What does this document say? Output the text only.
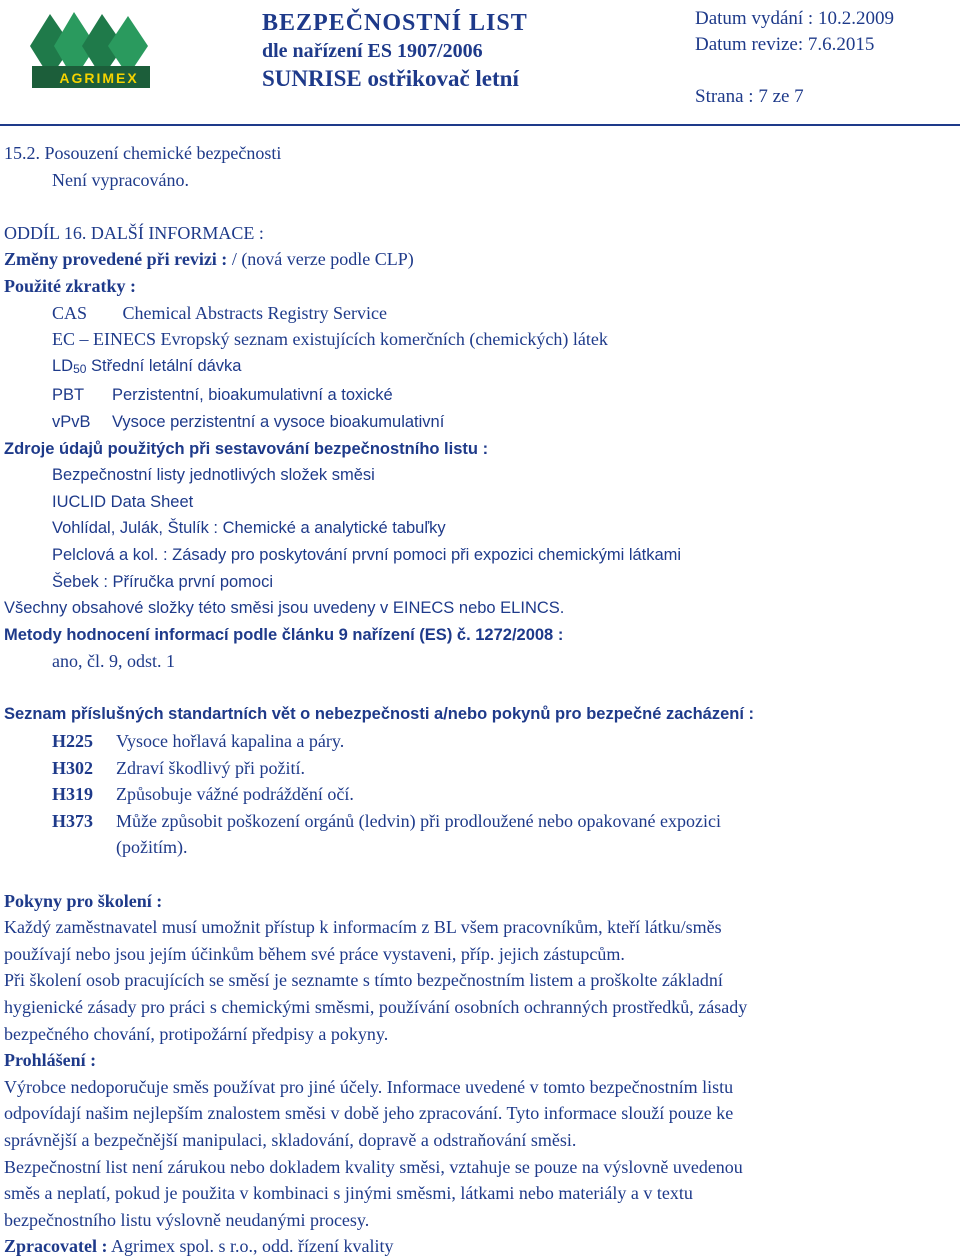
AGRIMEX
BEZPEČNOSTNÍ LIST
dle nařízení ES 1907/2006
SUNRISE ostřikovač letní
Datum vydání : 10.2.2009
Datum revize: 7.6.2015
Strana : 7 ze 7
15.2. Posouzení chemické bezpečnosti
Není vypracováno.
ODDÍL 16. DALŠÍ INFORMACE :
Změny provedené při revizi : / (nová verze podle CLP)
Použité zkratky :
CAS Chemical Abstracts Registry Service
EC – EINECS Evropský seznam existujících komerčních (chemických) látek
$LD_{50}$ Střední letální dávka
PBT Perzistentní, bioakumulativní a toxické
vPvB Vysoce perzistentní a vysoce bioakumulativní
Zdroje údajů použitých při sestavování bezpečnostního listu :
Bezpečnostní listy jednotlivých složek směsi
IUCLID Data Sheet
Vohlídal, Julák, Štulík : Chemické a analytické tabuľky
Pelclová a kol. : Zásady pro poskytování první pomoci při expozici chemickými látkami
Šebek : Příručka první pomoci
Všechny obsahové složky této směsi jsou uvedeny v EINECS nebo ELINCS.
Metody hodnocení informací podle článku 9 nařízení (ES) č. 1272/2008 :
ano, čl. 9, odst. 1
Seznam příslušných standartních vět o nebezpečnosti a/nebo pokynů pro bezpečné zacházení :
H225 Vysoce hořlavá kapalina a páry.
H302 Zdraví škodlivý při požití.
H319 Způsobuje vážné podráždění očí.
H373 Může způsobit poškození orgánů (ledvin) při prodloužené nebo opakované expozici
(požitím).
Pokyny pro školení :
Každý zaměstnavatel musí umožnit přístup k informacím z BL všem pracovníkům, kteří látku/směs
používají nebo jsou jejím účinkům během své práce vystaveni, příp. jejich zástupcům.
Při školení osob pracujících se směsí je seznamte s tímto bezpečnostním listem a proškolte základní
hygienické zásady pro práci s chemickými směsmi, používání osobních ochranných prostředků, zásady
bezpečného chování, protipožární předpisy a pokyny.
Prohlášení :
Výrobce nedoporučuje směs používat pro jiné účely. Informace uvedené v tomto bezpečnostním listu
odpovídají našim nejlepším znalostem směsi v době jeho zpracování. Tyto informace slouží pouze ke
správnější a bezpečnější manipulaci, skladování, dopravě a odstraňování směsi.
Bezpečnostní list není zárukou nebo dokladem kvality směsi, vztahuje se pouze na výslovně uvedenou
směs a neplatí, pokud je použita v kombinaci s jinými směsmi, látkami nebo materiály a v textu
bezpečnostního listu výslovně neudanými procesy.
Zpracovatel : Agrimex spol. s r.o., odd. řízení kvality
